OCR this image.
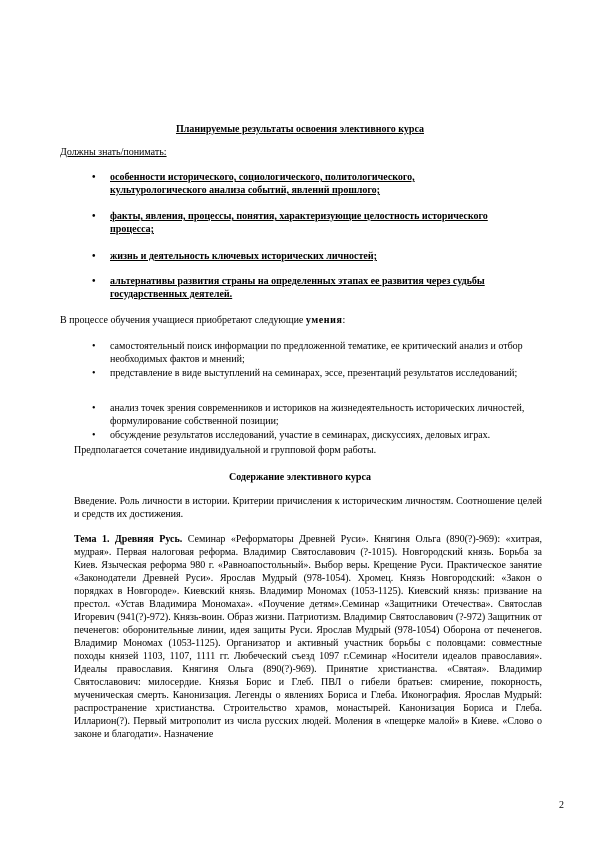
Планируемые результаты освоения элективного курса
Должны знать/понимать:
• особенности исторического, социологического, политологического, культурологического анализа событий, явлений прошлого;
• факты, явления, процессы, понятия, характеризующие целостность исторического процесса;
• жизнь и деятельность ключевых исторических личностей;
• альтернативы развития страны на определенных этапах ее развития через судьбы государственных деятелей.
В процессе обучения учащиеся приобретают следующие умения:
• самостоятельный поиск информации по предложенной тематике, ее критический анализ и отбор необходимых фактов и мнений;
• представление в виде выступлений на семинарах, эссе, презентаций результатов исследований;
• анализ точек зрения современников и историков на жизнедеятельность исторических личностей, формулирование собственной позиции;
• обсуждение результатов исследований, участие в семинарах, дискуссиях, деловых играх.
Предполагается сочетание индивидуальной и групповой форм работы.
Содержание элективного курса
Введение. Роль личности в истории. Критерии причисления к историческим личностям. Соотношение целей и средств их достижения.
Тема 1. Древняя Русь. Семинар «Реформаторы Древней Руси». Княгиня Ольга (890(?)-969): «хитрая, мудрая». Первая налоговая реформа. Владимир Святославович (?-1015). Новгородский князь. Борьба за Киев. Языческая реформа 980 г. «Равноапостольный». Выбор веры. Крещение Руси. Практическое занятие «Законодатели Древней Руси». Ярослав Мудрый (978-1054). Хромец. Князь Новгородский: «Закон о порядках в Новгороде». Киевский князь. Владимир Мономах (1053-1125). Киевский князь: призвание на престол. «Устав Владимира Мономаха». «Поучение детям».Семинар «Защитники Отечества». Святослав Игоревич (941(?)-972). Князь-воин. Образ жизни. Патриотизм. Владимир Святославович (?-972) Защитник от печенегов: оборонительные линии, идея защиты Руси. Ярослав Мудрый (978-1054) Оборона от печенегов. Владимир Мономах (1053-1125). Организатор и активный участник борьбы с половцами: совместные походы князей 1103, 1107, 1111 гг. Любеческий съезд 1097 г.Семинар «Носители идеалов православия». Идеалы православия. Княгиня Ольга (890(?)-969). Принятие христианства. «Святая». Владимир Святославович: милосердие. Князья Борис и Глеб. ПВЛ о гибели братьев: смирение, покорность, мученическая смерть. Канонизация. Легенды о явлениях Бориса и Глеба. Иконография. Ярослав Мудрый: распространение христианства. Строительство храмов, монастырей. Канонизация Бориса и Глеба. Илларион(?). Первый митрополит из числа русских людей. Моления в «пещерке малой» в Киеве. «Слово о законе и благодати». Назначение
2
